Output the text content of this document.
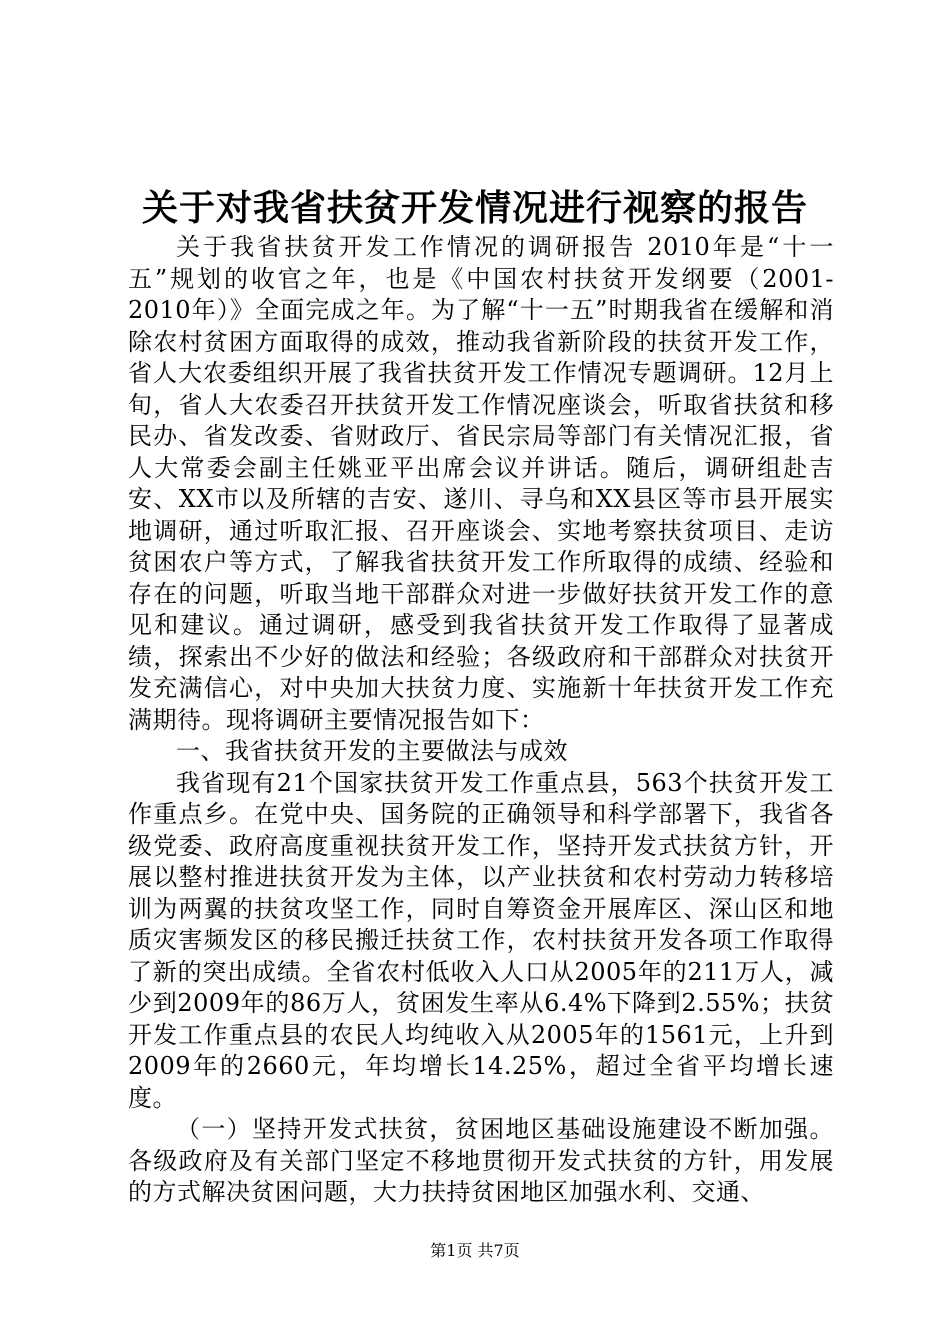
关于对我省扶贫开发情况进行视察的报告

关于我省扶贫开发工作情况的调研报告 2010年是“十一五”规划的收官之年，也是《中国农村扶贫开发纲要（2001-2010年）》全面完成之年。为了解“十一五”时期我省在缓解和消除农村贫困方面取得的成效，推动我省新阶段的扶贫开发工作，省人大农委组织开展了我省扶贫开发工作情况专题调研。12月上旬，省人大农委召开扶贫开发工作情况座谈会，听取省扶贫和移民办、省发改委、省财政厅、省民宗局等部门有关情况汇报，省人大常委会副主任姚亚平出席会议并讲话。随后，调研组赴吉安、XX市以及所辖的吉安、遂川、寻乌和XX县区等市县开展实地调研，通过听取汇报、召开座谈会、实地考察扶贫项目、走访贫困农户等方式，了解我省扶贫开发工作所取得的成绩、经验和存在的问题，听取当地干部群众对进一步做好扶贫开发工作的意见和建议。通过调研，感受到我省扶贫开发工作取得了显著成绩，探索出不少好的做法和经验；各级政府和干部群众对扶贫开发充满信心，对中央加大扶贫力度、实施新十年扶贫开发工作充满期待。现将调研主要情况报告如下：

一、我省扶贫开发的主要做法与成效

我省现有21个国家扶贫开发工作重点县，563个扶贫开发工作重点乡。在党中央、国务院的正确领导和科学部署下，我省各级党委、政府高度重视扶贫开发工作，坚持开发式扶贫方针，开展以整村推进扶贫开发为主体，以产业扶贫和农村劳动力转移培训为两翼的扶贫攻坚工作，同时自筹资金开展库区、深山区和地质灾害频发区的移民搬迁扶贫工作，农村扶贫开发各项工作取得了新的突出成绩。全省农村低收入人口从2005年的211万人，减少到2009年的86万人，贫困发生率从6.4%下降到2.55%；扶贫开发工作重点县的农民人均纯收入从2005年的1561元，上升到2009年的2660元，年均增长14.25%，超过全省平均增长速度。

（一）坚持开发式扶贫，贫困地区基础设施建设不断加强。各级政府及有关部门坚定不移地贯彻开发式扶贫的方针，用发展的方式解决贫困问题，大力扶持贫困地区加强水利、交通、

第1页 共7页
